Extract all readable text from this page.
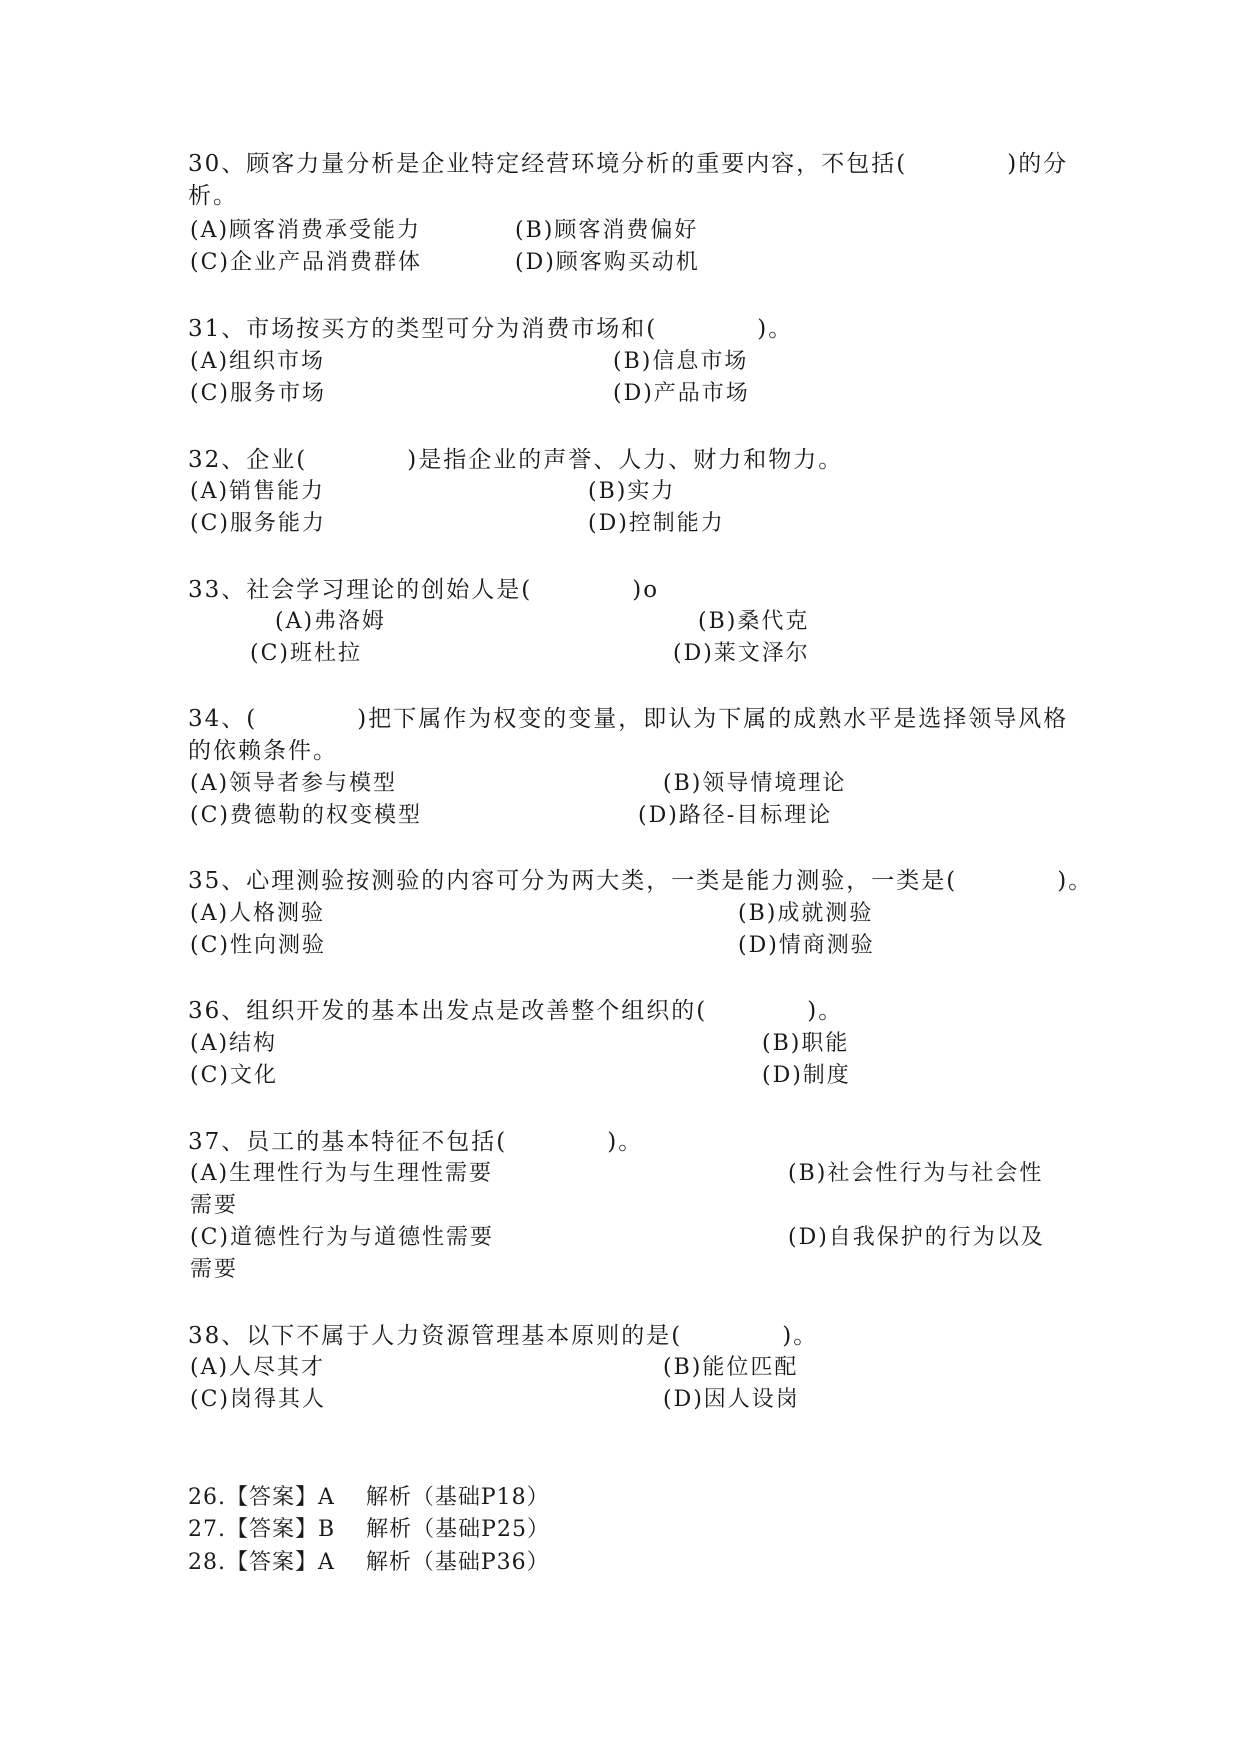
30、顾客力量分析是企业特定经营环境分析的重要内容，不包括(　　　　)的分
析。
(A)顾客消费承受能力	(B)顾客消费偏好
(C)企业产品消费群体	(D)顾客购买动机
31、市场按买方的类型可分为消费市场和(　　　　)。
(A)组织市场	(B)信息市场
(C)服务市场	(D)产品市场
32、企业(　　　　)是指企业的声誉、人力、财力和物力。
(A)销售能力	(B)实力
(C)服务能力	(D)控制能力
33、社会学习理论的创始人是(　　　　)o
(A)弗洛姆	(B)桑代克
(C)班杜拉	(D)莱文泽尔
34、(　　　　)把下属作为权变的变量，即认为下属的成熟水平是选择领导风格
的依赖条件。
(A)领导者参与模型	(B)领导情境理论
(C)费德勒的权变模型	(D)路径-目标理论
35、心理测验按测验的内容可分为两大类，一类是能力测验，一类是(　　　　)。
(A)人格测验	(B)成就测验
(C)性向测验	(D)情商测验
36、组织开发的基本出发点是改善整个组织的(　　　　)。
(A)结构	(B)职能
(C)文化	(D)制度
37、员工的基本特征不包括(　　　　)。
(A)生理性行为与生理性需要	(B)社会性行为与社会性
需要
(C)道德性行为与道德性需要	(D)自我保护的行为以及
需要
38、以下不属于人力资源管理基本原则的是(　　　　)。
(A)人尽其才	(B)能位匹配
(C)岗得其人	(D)因人设岗
26.【答案】A　 解析（基础P18）
27.【答案】B　 解析（基础P25）
28.【答案】A　 解析（基础P36）
